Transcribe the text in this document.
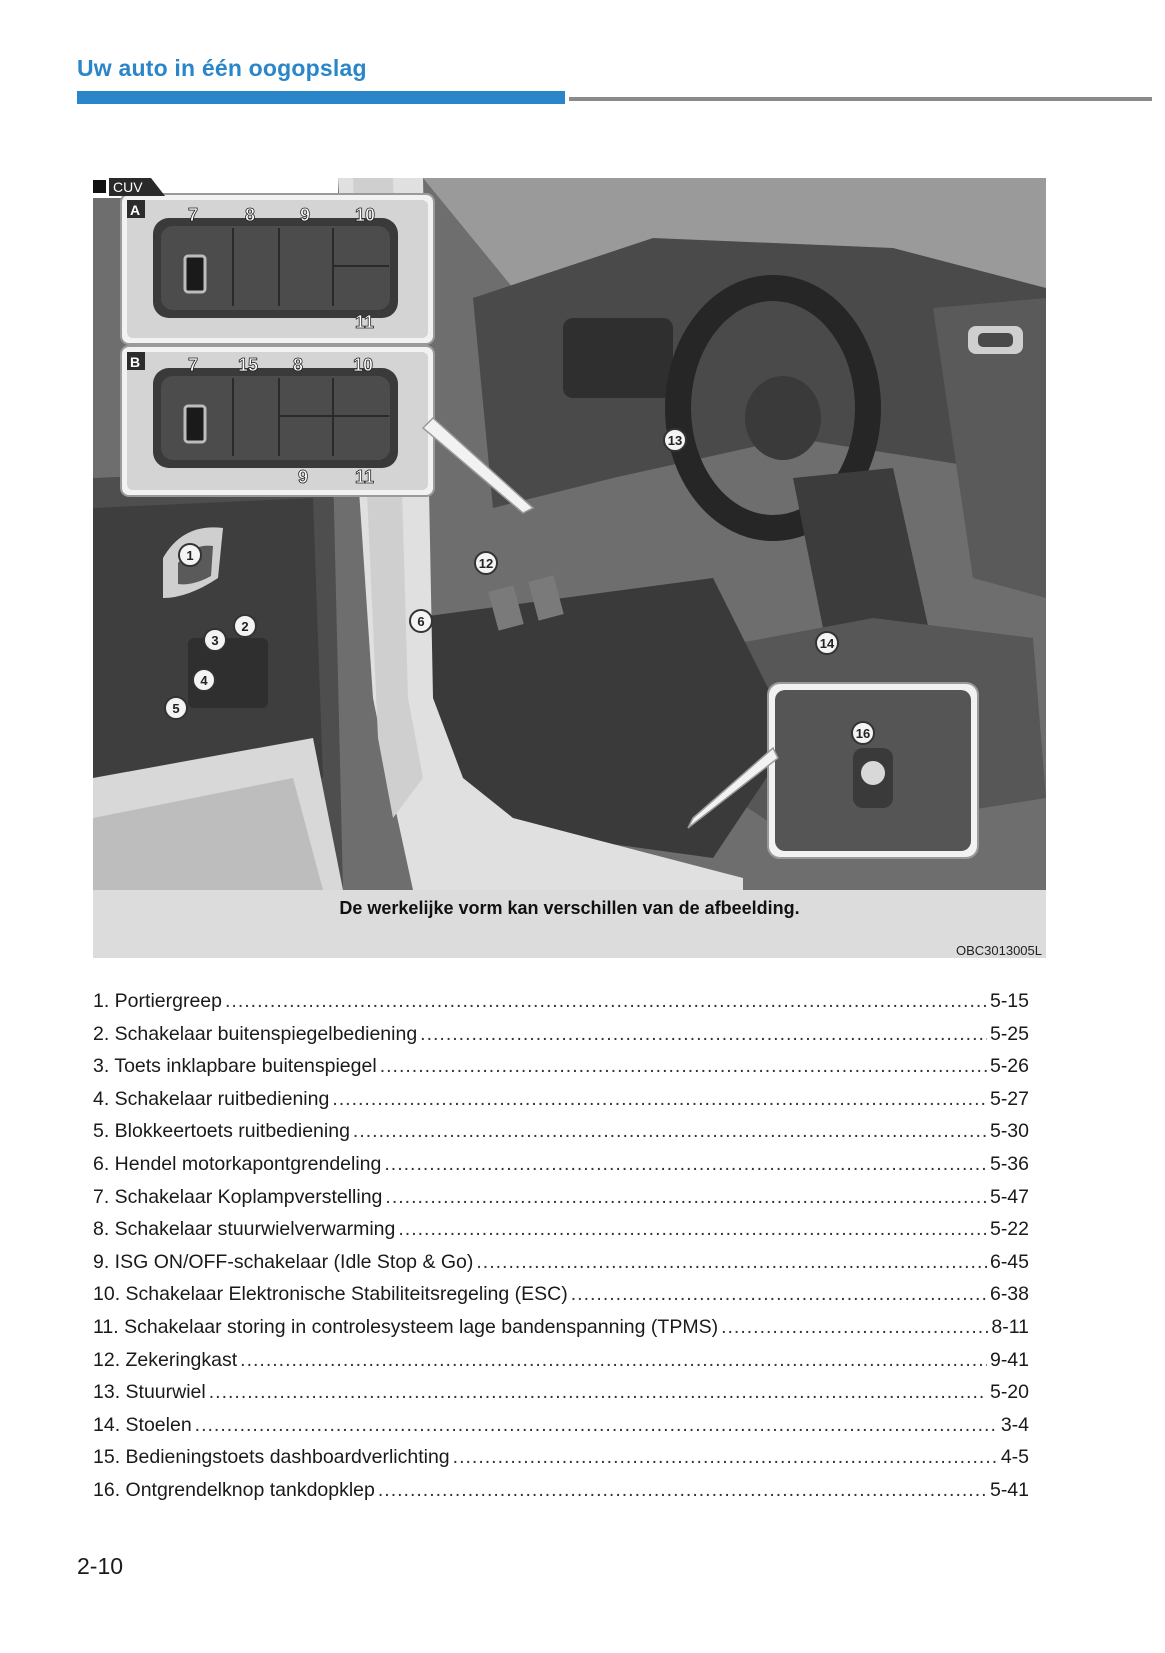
Uw auto in één oogopslag
CUV
A
B
7	8 9 10
11
7 15 8	10
9	11
1
2
3
4
5
6
12
13
14
16
De werkelijke vorm kan verschillen van de afbeelding.
OBC3013005L
1. Portiergreep .....	5-15
2. Schakelaar buitenspiegelbediening .....	5-25
3. Toets inklapbare buitenspiegel .....	5-26
4. Schakelaar ruitbediening .....	5-27
5. Blokkeertoets ruitbediening .....	5-30
6. Hendel motorkapontgrendeling .....	5-36
7. Schakelaar Koplampverstelling .....	5-47
8. Schakelaar stuurwielverwarming .....	5-22
9. ISG ON/OFF-schakelaar (Idle Stop & Go) .....	6-45
10. Schakelaar Elektronische Stabiliteitsregeling (ESC) .....	6-38
11. Schakelaar storing in controlesysteem lage bandenspanning (TPMS) .....	8-11
12. Zekeringkast .....	9-41
13. Stuurwiel .....	5-20
14. Stoelen .....	3-4
15. Bedieningstoets dashboardverlichting .....	4-5
16. Ontgrendelknop tankdopklep .....	5-41
2-10
